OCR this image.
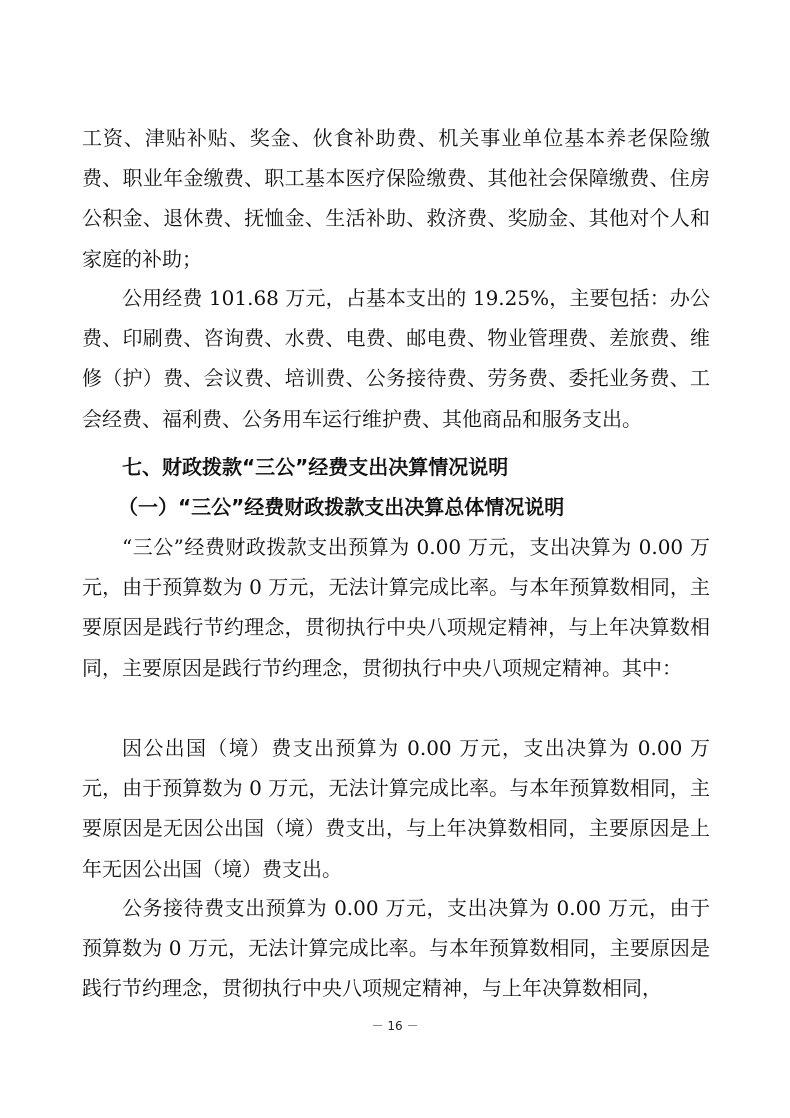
工资、津贴补贴、奖金、伙食补助费、机关事业单位基本养老保险缴费、职业年金缴费、职工基本医疗保险缴费、其他社会保障缴费、住房公积金、退休费、抚恤金、生活补助、救济费、奖励金、其他对个人和家庭的补助；

公用经费 101.68 万元，占基本支出的 19.25%，主要包括：办公费、印刷费、咨询费、水费、电费、邮电费、物业管理费、差旅费、维修（护）费、会议费、培训费、公务接待费、劳务费、委托业务费、工会经费、福利费、公务用车运行维护费、其他商品和服务支出。

七、财政拨款“三公”经费支出决算情况说明
（一）“三公”经费财政拨款支出决算总体情况说明

“三公”经费财政拨款支出预算为 0.00 万元，支出决算为 0.00 万元，由于预算数为 0 万元，无法计算完成比率。与本年预算数相同，主要原因是践行节约理念，贯彻执行中央八项规定精神，与上年决算数相同，主要原因是践行节约理念，贯彻执行中央八项规定精神。其中：

因公出国（境）费支出预算为 0.00 万元，支出决算为 0.00 万元，由于预算数为 0 万元，无法计算完成比率。与本年预算数相同，主要原因是无因公出国（境）费支出，与上年决算数相同，主要原因是上年无因公出国（境）费支出。

公务接待费支出预算为 0.00 万元，支出决算为 0.00 万元，由于预算数为 0 万元，无法计算完成比率。与本年预算数相同，主要原因是践行节约理念，贯彻执行中央八项规定精神，与上年决算数相同，

－ 16 －
